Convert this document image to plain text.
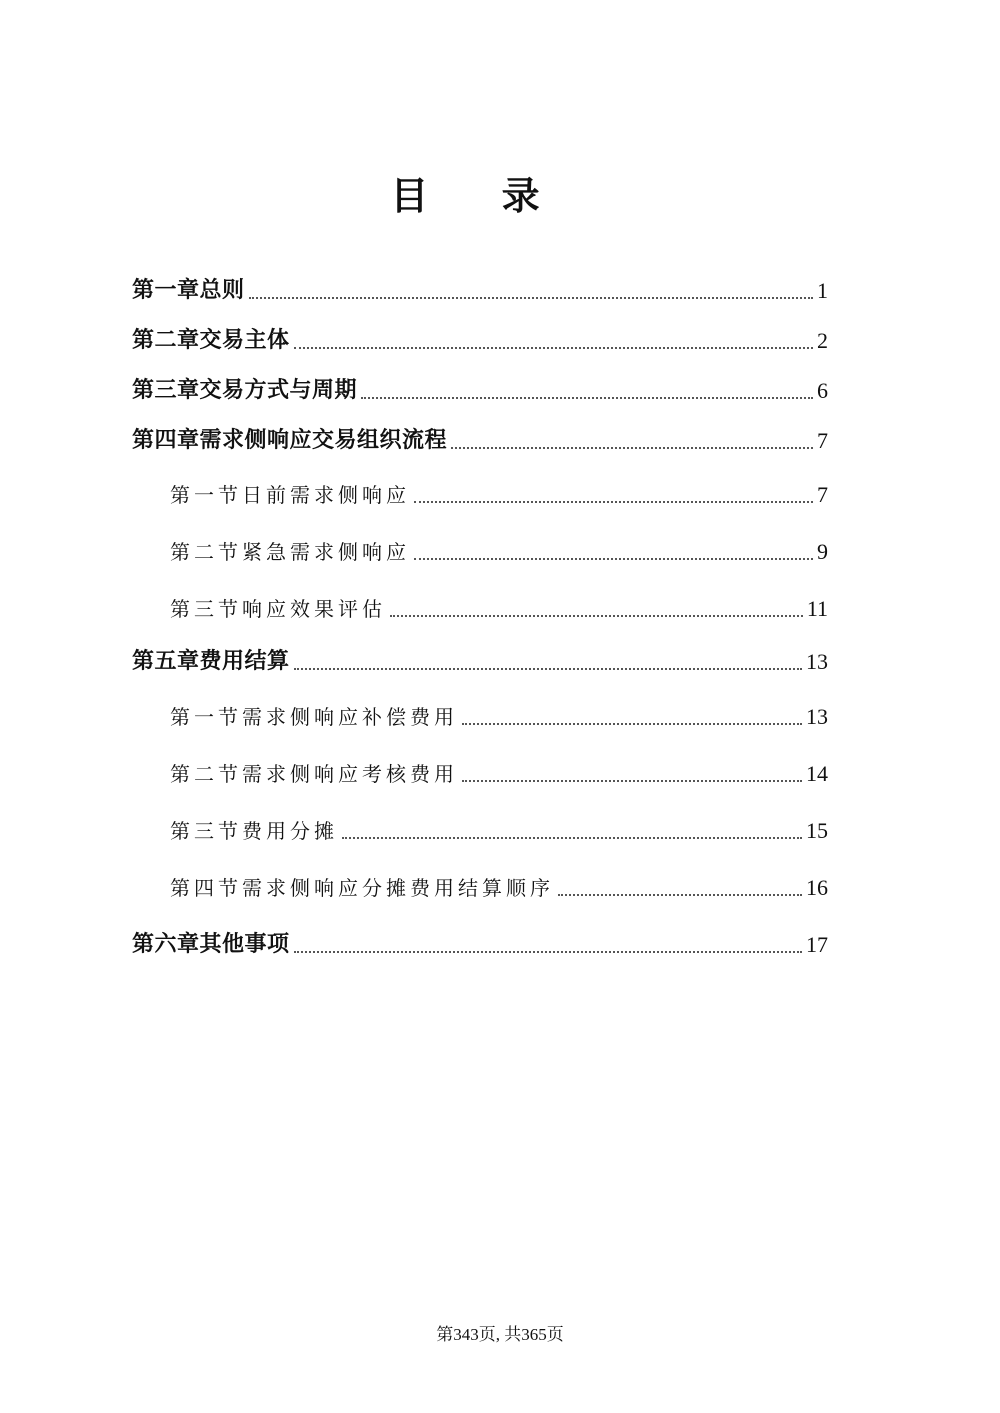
目 录
第一章总则	1
第二章交易主体	2
第三章交易方式与周期	6
第四章需求侧响应交易组织流程	7
第一节日前需求侧响应	7
第二节紧急需求侧响应	9
第三节响应效果评估	11
第五章费用结算	13
第一节需求侧响应补偿费用	13
第二节需求侧响应考核费用	14
第三节费用分摊	15
第四节需求侧响应分摊费用结算顺序	16
第六章其他事项	17
第343页, 共365页
